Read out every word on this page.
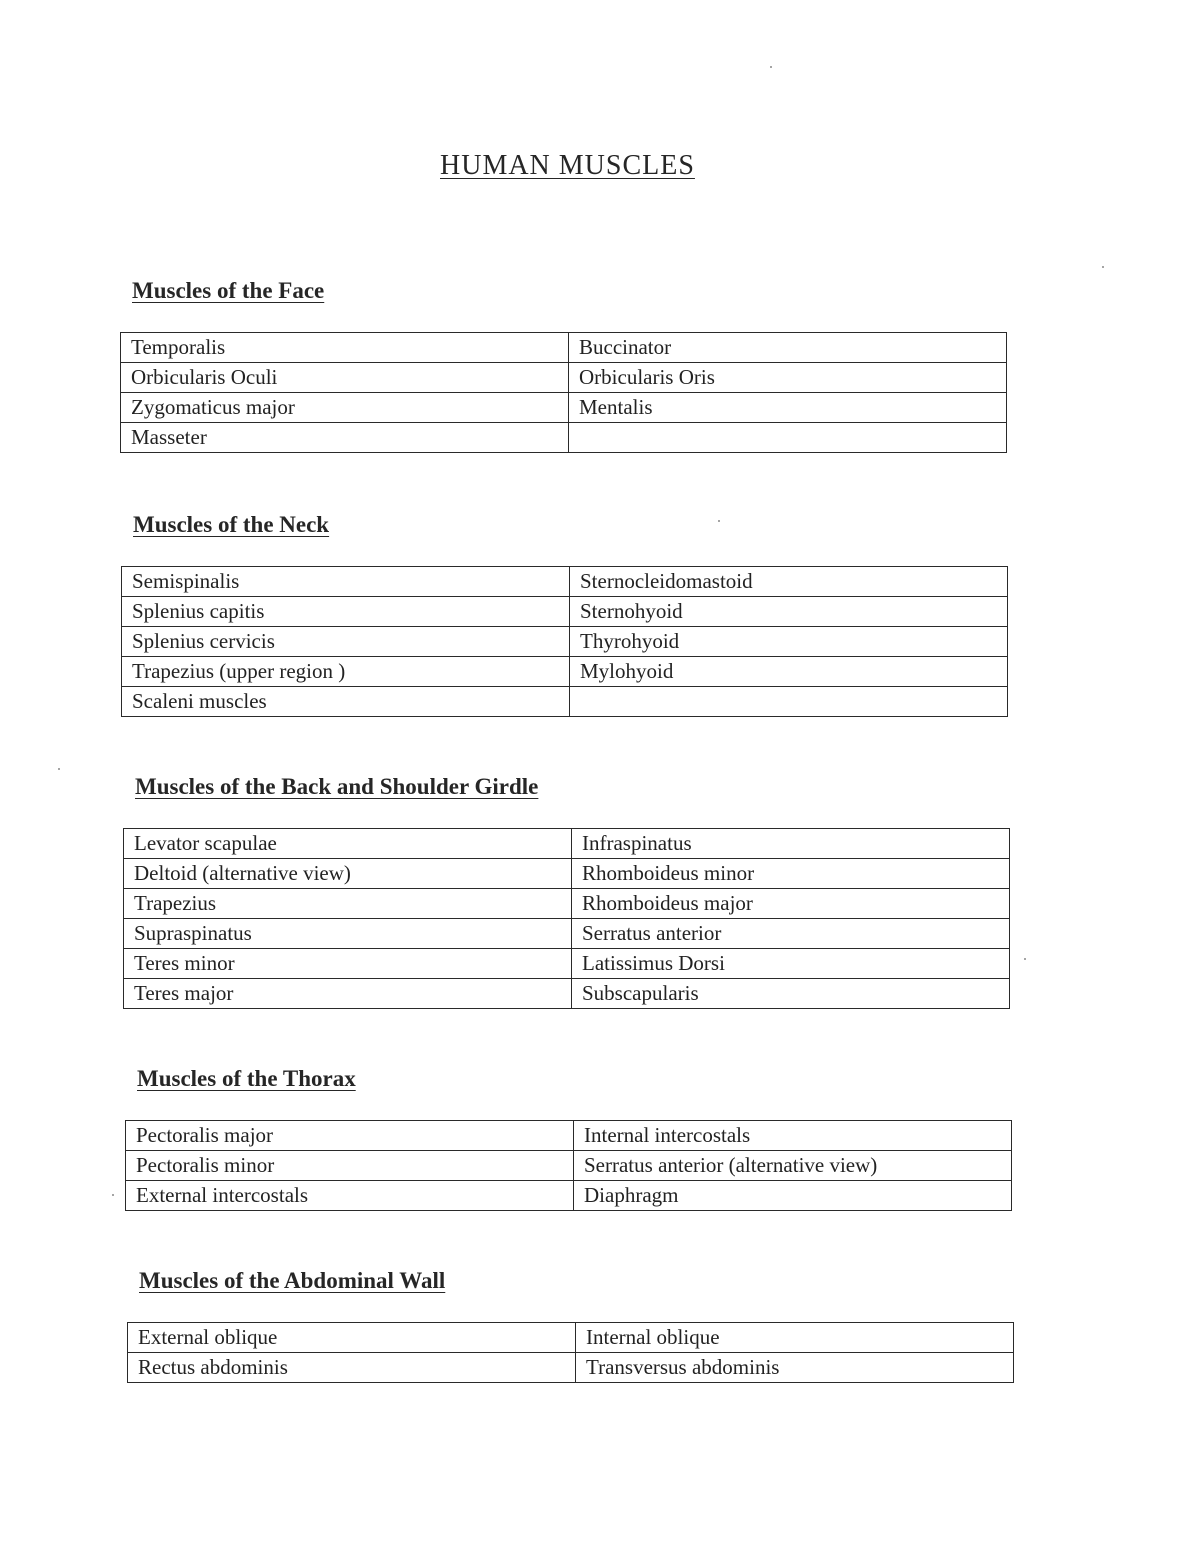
HUMAN MUSCLES
Muscles of the Face
Temporalis	Buccinator
Orbicularis Oculi	Orbicularis Oris
Zygomaticus major	Mentalis
Masseter	
Muscles of the Neck
Semispinalis	Sternocleidomastoid
Splenius capitis	Sternohyoid
Splenius cervicis	Thyrohyoid
Trapezius (upper region )	Mylohyoid
Scaleni muscles	
Muscles of the Back and Shoulder Girdle
Levator scapulae	Infraspinatus
Deltoid (alternative view)	Rhomboideus minor
Trapezius	Rhomboideus major
Supraspinatus	Serratus anterior
Teres minor	Latissimus Dorsi
Teres major	Subscapularis
Muscles of the Thorax
Pectoralis major	Internal intercostals
Pectoralis minor	Serratus anterior (alternative view)
External intercostals	Diaphragm
Muscles of the Abdominal Wall
External oblique	Internal oblique
Rectus abdominis	Transversus abdominis
